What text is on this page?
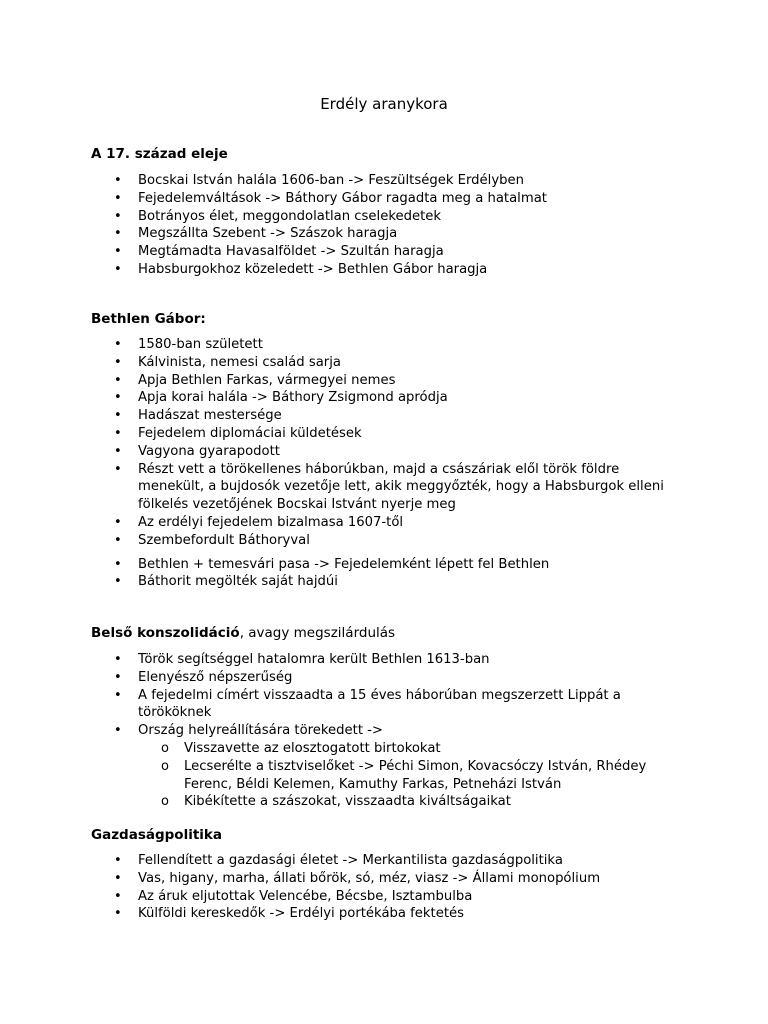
Erdély aranykora
A 17. század eleje
• Bocskai István halála 1606-ban -> Feszültségek Erdélyben
• Fejedelemváltások -> Báthory Gábor ragadta meg a hatalmat
• Botrányos élet, meggondolatlan cselekedetek
• Megszállta Szebent -> Szászok haragja
• Megtámadta Havasalföldet -> Szultán haragja
• Habsburgokhoz közeledett -> Bethlen Gábor haragja
Bethlen Gábor:
• 1580-ban született
• Kálvinista, nemesi család sarja
• Apja Bethlen Farkas, vármegyei nemes
• Apja korai halála -> Báthory Zsigmond apródja
• Hadászat mestersége
• Fejedelem diplomáciai küldetések
• Vagyona gyarapodott
• Részt vett a törökellenes háborúkban, majd a császáriak elől török földre menekült, a bujdosók vezetője lett, akik meggyőzték, hogy a Habsburgok elleni fölkelés vezetőjének Bocskai Istvánt nyerje meg
• Az erdélyi fejedelem bizalmasa 1607-től
• Szembefordult Báthoryval
• Bethlen + temesvári pasa -> Fejedelemként lépett fel Bethlen
• Báthorit megölték saját hajdúi
Belső konszolidáció, avagy megszilárdulás
• Török segítséggel hatalomra került Bethlen 1613-ban
• Elenyésző népszerűség
• A fejedelmi címért visszaadta a 15 éves háborúban megszerzett Lippát a törököknek
• Ország helyreállítására törekedett ->
o Visszavette az elosztogatott birtokokat
o Lecserélte a tisztviselőket -> Péchi Simon, Kovacsóczy István, Rhédey Ferenc, Béldi Kelemen, Kamuthy Farkas, Petneházi István
o Kibékítette a szászokat, visszaadta kiváltságaikat
Gazdaságpolitika
• Fellendített a gazdasági életet -> Merkantilista gazdaságpolitika
• Vas, higany, marha, állati bőrök, só, méz, viasz -> Állami monopólium
• Az áruk eljutottak Velencébe, Bécsbe, Isztambulba
• Külföldi kereskedők -> Erdélyi portékába fektetés
